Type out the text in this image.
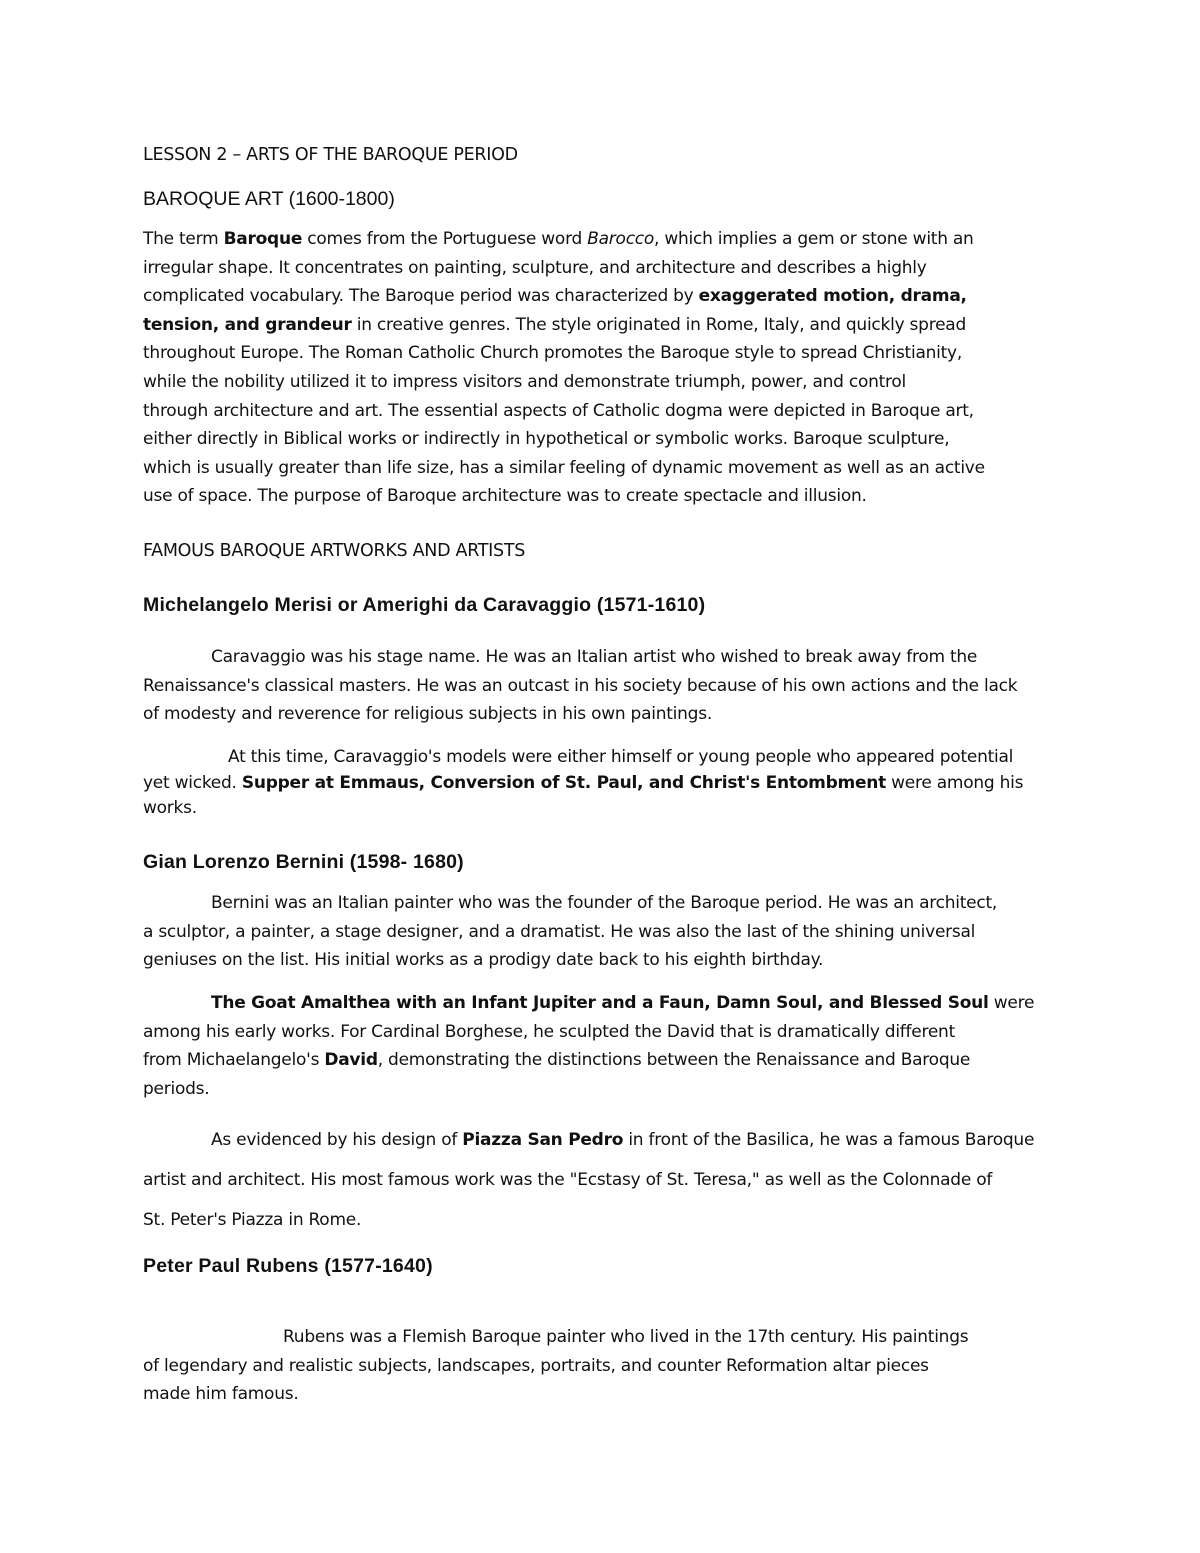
LESSON 2 – ARTS OF THE BAROQUE PERIOD
BAROQUE ART (1600-1800)
The term Baroque comes from the Portuguese word Barocco, which implies a gem or stone with an
irregular shape. It concentrates on painting, sculpture, and architecture and describes a highly
complicated vocabulary. The Baroque period was characterized by exaggerated motion, drama,
tension, and grandeur in creative genres. The style originated in Rome, Italy, and quickly spread
throughout Europe. The Roman Catholic Church promotes the Baroque style to spread Christianity,
while the nobility utilized it to impress visitors and demonstrate triumph, power, and control
through architecture and art. The essential aspects of Catholic dogma were depicted in Baroque art,
either directly in Biblical works or indirectly in hypothetical or symbolic works. Baroque sculpture,
which is usually greater than life size, has a similar feeling of dynamic movement as well as an active
use of space. The purpose of Baroque architecture was to create spectacle and illusion.
FAMOUS BAROQUE ARTWORKS AND ARTISTS
Michelangelo Merisi or Amerighi da Caravaggio (1571-1610)
Caravaggio was his stage name. He was an Italian artist who wished to break away from the
Renaissance's classical masters. He was an outcast in his society because of his own actions and the lack
of modesty and reverence for religious subjects in his own paintings.
At this time, Caravaggio's models were either himself or young people who appeared potential
yet wicked. Supper at Emmaus, Conversion of St. Paul, and Christ's Entombment were among his
works.
Gian Lorenzo Bernini (1598- 1680)
Bernini was an Italian painter who was the founder of the Baroque period. He was an architect,
a sculptor, a painter, a stage designer, and a dramatist. He was also the last of the shining universal
geniuses on the list. His initial works as a prodigy date back to his eighth birthday.
The Goat Amalthea with an Infant Jupiter and a Faun, Damn Soul, and Blessed Soul were
among his early works. For Cardinal Borghese, he sculpted the David that is dramatically different
from Michaelangelo's David, demonstrating the distinctions between the Renaissance and Baroque
periods.
As evidenced by his design of Piazza San Pedro in front of the Basilica, he was a famous Baroque
artist and architect. His most famous work was the "Ecstasy of St. Teresa," as well as the Colonnade of
St. Peter's Piazza in Rome.
Peter Paul Rubens (1577-1640)
Rubens was a Flemish Baroque painter who lived in the 17th century. His paintings
of legendary and realistic subjects, landscapes, portraits, and counter Reformation altar pieces
made him famous.
